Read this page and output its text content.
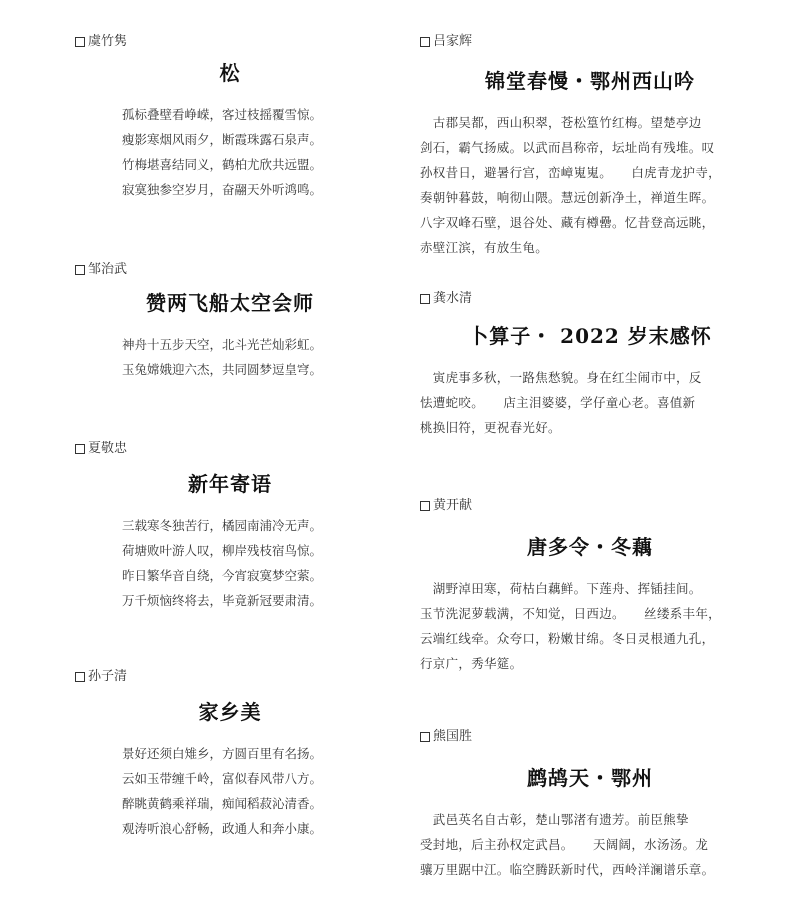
虞竹隽
松
孤标叠壁看峥嵘，客过枝摇覆雪惊。
瘦影寒烟风雨夕，断霞珠露石泉声。
竹梅堪喜结同义，鹤柏尤欣共远盟。
寂寞独参空岁月，奋翮天外听鸿鸣。
邹治武
赞两飞船太空会师
神舟十五步天空，北斗光芒灿彩虹。
玉兔嫦娥迎六杰，共同圆梦逗皇穹。
夏敬忠
新年寄语
三载寒冬独苦行，橘园南浦冷无声。
荷塘败叶游人叹，柳岸残枝宿鸟惊。
昨日繁华音自绕，今宵寂寞梦空萦。
万千烦恼终将去，毕竟新冠要肃清。
孙子清
家乡美
景好还须白雉乡，方圆百里有名扬。
云如玉带缠千岭，富似春风带八方。
醉眺黄鹤乘祥瑞，痴闻稻菽沁清香。
观涛听浪心舒畅，政通人和奔小康。
吕家辉
锦堂春慢・鄂州西山吟
　古郡吴都，西山积翠，苍松篁竹红梅。望楚亭边
剑石，霸气扬威。以武而昌称帝，坛址尚有残堆。叹
孙权昔日，避暑行宫，峦嶂嵬嵬。　　白虎青龙护寺，
奏朝钟暮鼓，响彻山隈。慧远创新净土，禅道生晖。
八字双峰石壁，退谷处、藏有樽罍。忆昔登高远眺，
赤壁江滨，有放生龟。
龚水清
卜算子・ 2022 岁末感怀
　寅虎事多秋，一路焦愁貌。身在红尘闹市中，反
怯遭蛇咬。　　店主泪婆婆，学仔童心老。喜值新
桃换旧符，更祝春光好。
黄开献
唐多令・冬藕
　湖野淖田寒，荷枯白藕鲜。下莲舟、挥锸挂间。
玉节洗泥萝载满，不知觉，日西边。　　丝缕系丰年，
云端红线牵。众夸口，粉嫩甘绵。冬日灵根通九孔，
行京广，秀华筵。
熊国胜
鹧鸪天・鄂州
　武邑英名自古彰，楚山鄂渚有遗芳。前臣熊挚
受封地，后主孙权定武昌。　　天阔阔，水汤汤。龙
骧万里踞中江。临空腾跃新时代，西岭洋澜谱乐章。
